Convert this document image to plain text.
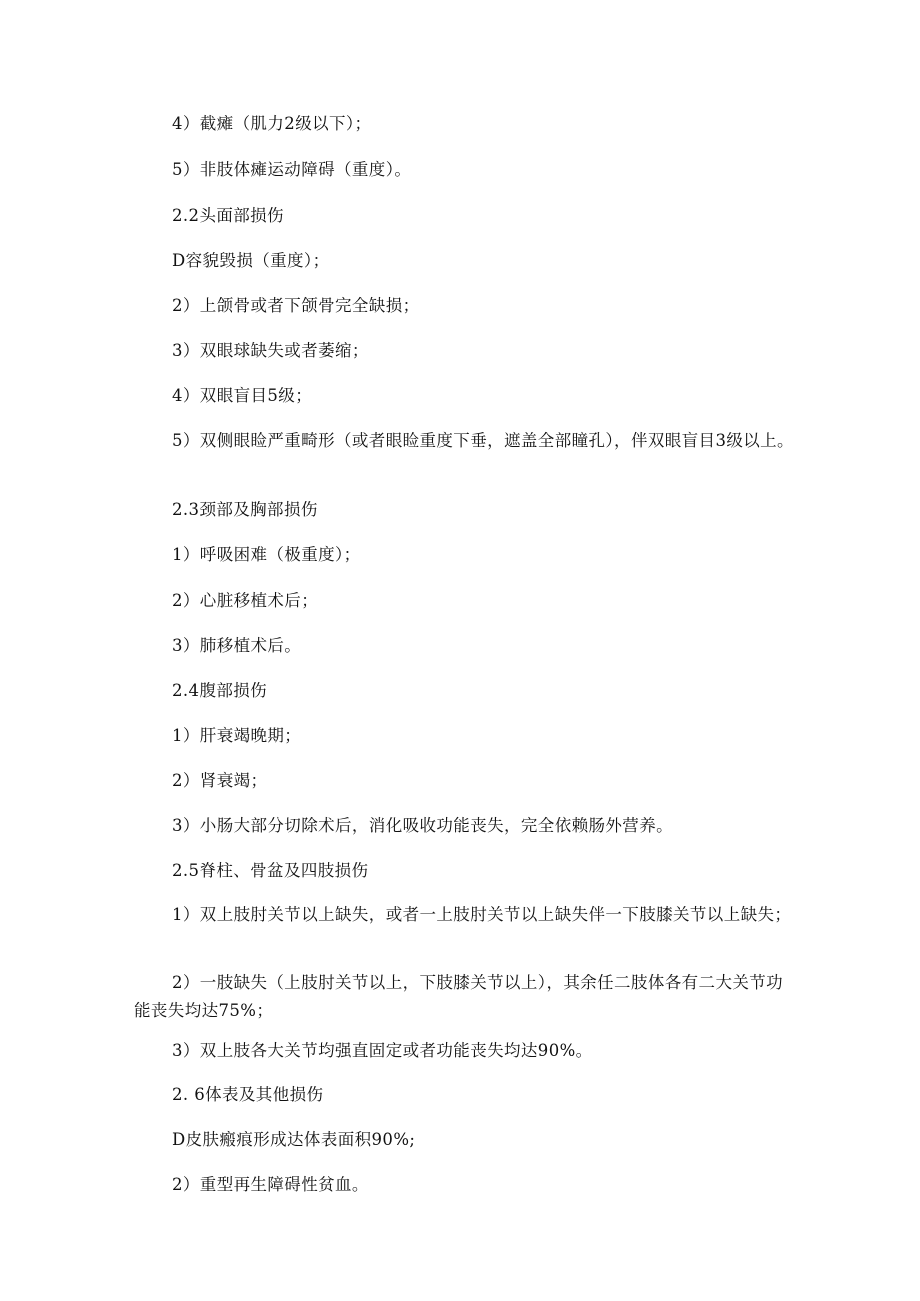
4）截瘫（肌力2级以下）；

5）非肢体瘫运动障碍（重度）。

2.2头面部损伤

D容貌毁损（重度）；

2）上颌骨或者下颌骨完全缺损；

3）双眼球缺失或者萎缩；

4）双眼盲目5级；

5）双侧眼睑严重畸形（或者眼睑重度下垂，遮盖全部瞳孔），伴双眼盲目3级以上。

2.3颈部及胸部损伤

1）呼吸困难（极重度）；

2）心脏移植术后；

3）肺移植术后。

2.4腹部损伤

1）肝衰竭晚期；

2）肾衰竭；

3）小肠大部分切除术后，消化吸收功能丧失，完全依赖肠外营养。

2.5脊柱、骨盆及四肢损伤

1）双上肢肘关节以上缺失，或者一上肢肘关节以上缺失伴一下肢膝关节以上缺失；

2）一肢缺失（上肢肘关节以上，下肢膝关节以上），其余任二肢体各有二大关节功能丧失均达75%；

3）双上肢各大关节均强直固定或者功能丧失均达90%。

2. 6体表及其他损伤

D皮肤瘢痕形成达体表面积90%;

2）重型再生障碍性贫血。
